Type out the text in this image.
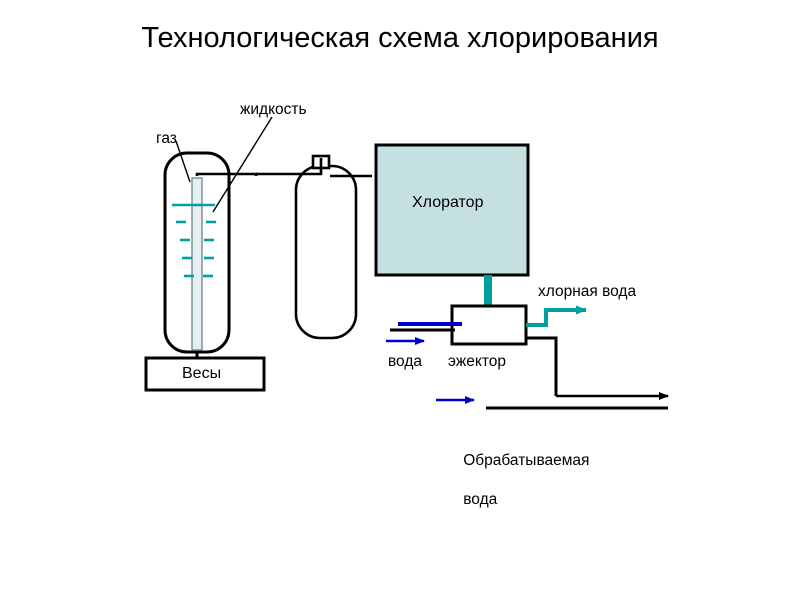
Технологическая схема хлорирования
газ
жидкость
Хлоратор
Весы
вода эжектор
хлорная вода

Обрабатываемая

вода
